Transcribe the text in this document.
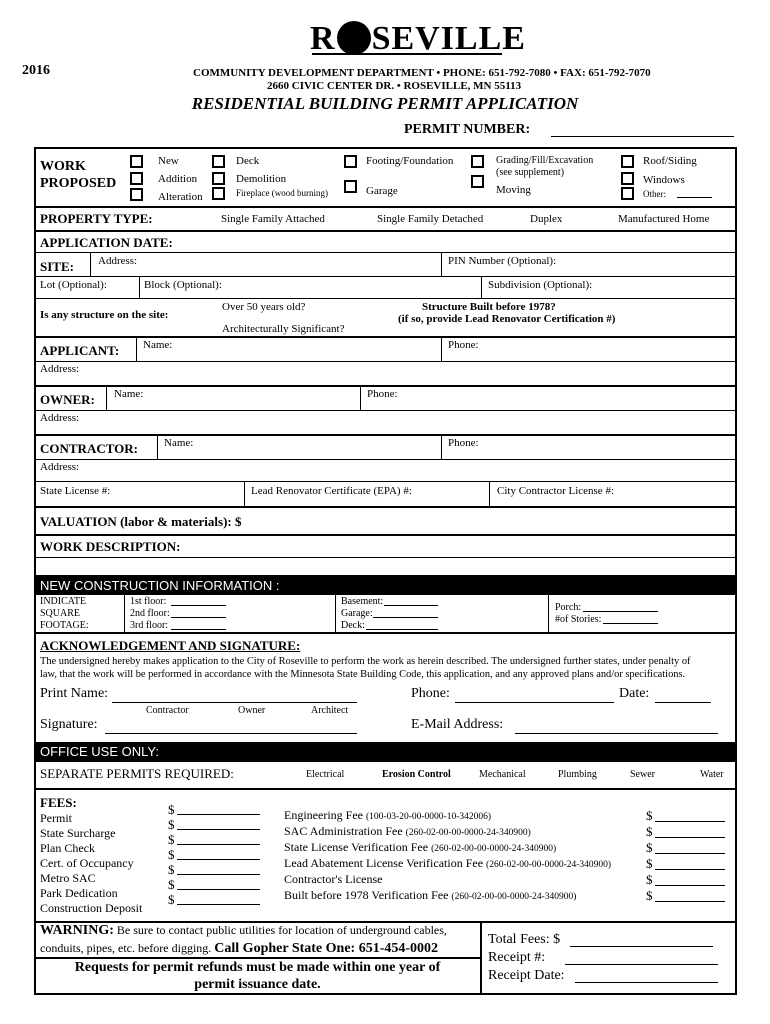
R SEVILLE
2016	COMMUNITY DEVELOPMENT DEPARTMENT • PHONE: 651-792-7080 • FAX: 651-792-7070
2660 CIVIC CENTER DR. • ROSEVILLE, MN 55113
RESIDENTIAL BUILDING PERMIT APPLICATION
PERMIT NUMBER:
WORK
PROPOSED
New
Addition
Alteration
Deck
Demolition
Fireplace (wood burning)
Footing/Foundation
Garage
Grading/Fill/Excavation
(see supplement)
Moving
Roof/Siding
Windows
Other:
PROPERTY TYPE:	Single Family Attached	Single Family Detached	Duplex	Manufactured Home
APPLICATION DATE:
SITE: Address:	PIN Number (Optional):
Lot (Optional):	Block (Optional):	Subdivision (Optional):
Is any structure on the site:
Over 50 years old?
Architecturally Significant?
Structure Built before 1978?
(if so, provide Lead Renovator Certification #)
APPLICANT: Name:	Phone:
Address:
OWNER: Name:	Phone:
Address:
CONTRACTOR: Name:	Phone:
Address:
State License #:	Lead Renovator Certificate (EPA) #:	City Contractor License #:
VALUATION (labor & materials): $
WORK DESCRIPTION:
NEW CONSTRUCTION INFORMATION :
INDICATE
SQUARE
FOOTAGE:
1st floor:
2nd floor:
3rd floor:
Basement:
Garage:
Deck:
Porch:
#of Stories:
ACKNOWLEDGEMENT AND SIGNATURE:
The undersigned hereby makes application to the City of Roseville to perform the work as herein described. The undersigned further states, under penalty of
law, that the work will be performed in accordance with the Minnesota State Building Code, this application, and any approved plans and/or specifications.
Print Name:	Phone:	Date:
Contractor	Owner	Architect
Signature:	E-Mail Address:
OFFICE USE ONLY:
SEPARATE PERMITS REQUIRED:	Electrical	Erosion Control	Mechanical	Plumbing	Sewer	Water
FEES:
Permit
$
State Surcharge
$
Plan Check
$
Cert. of Occupancy
$
Metro SAC
$
Park Dedication
$
Construction Deposit
$
Engineering Fee (100-03-20-00-0000-10-342006)	$
SAC Administration Fee (260-02-00-00-0000-24-340900)	$
State License Verification Fee (260-02-00-00-0000-24-340900)	$
Lead Abatement License Verification Fee (260-02-00-00-0000-24-340900)	$
Contractor's License	$
Built before 1978 Verification Fee (260-02-00-00-0000-24-340900)	$
WARNING: Be sure to contact public utilities for location of underground cables,
conduits, pipes, etc. before digging. Call Gopher State One: 651-454-0002
Requests for permit refunds must be made within one year of
permit issuance date.
Total Fees: $
Receipt #:
Receipt Date:
